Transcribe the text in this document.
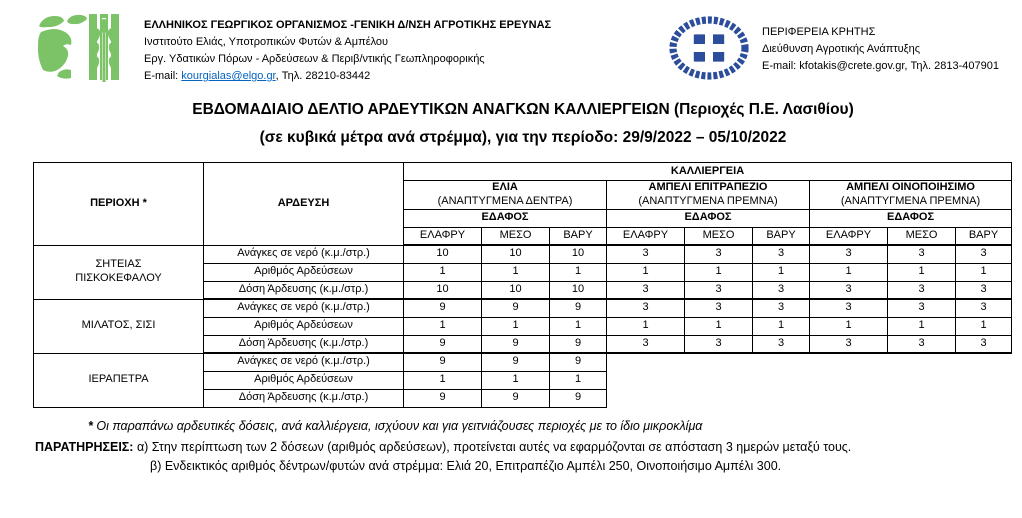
ΕΛΛΗΝΙΚΟΣ ΓΕΩΡΓΙΚΟΣ ΟΡΓΑΝΙΣΜΟΣ -ΓΕΝΙΚΗ Δ/ΝΣΗ ΑΓΡΟΤΙΚΗΣ ΕΡΕΥΝΑΣ
Ινστιτούτο Ελιάς, Υποτροπικών Φυτών & Αμπέλου
Εργ. Υδατικών Πόρων - Αρδεύσεων & Περιβ/ντικής Γεωπληροφορικής
E-mail: kourgialas@elgo.gr, Τηλ. 28210-83442
ΠΕΡΙΦΕΡΕΙΑ ΚΡΗΤΗΣ
Διεύθυνση Αγροτικής Ανάπτυξης
E-mail: kfotakis@crete.gov.gr, Τηλ. 2813-407901
ΕΒΔΟΜΑΔΙΑΙΟ ΔΕΛΤΙΟ ΑΡΔΕΥΤΙΚΩΝ ΑΝΑΓΚΩΝ ΚΑΛΛΙΕΡΓΕΙΩΝ (Περιοχές Π.Ε. Λασιθίου)
(σε κυβικά μέτρα ανά στρέμμα), για την περίοδο: 29/9/2022 – 05/10/2022
ΠΕΡΙΟΧΗ *	ΑΡΔΕΥΣΗ	ΚΑΛΛΙΕΡΓΕΙΑ								

ΕΛΙΑ
(ΑΝΑΠΤΥΓΜΕΝΑ ΔΕΝΤΡΑ)

ΑΜΠΕΛΙ ΕΠΙΤΡΑΠΕΖΙΟ
(ΑΝΑΠΤΥΓΜΕΝΑ ΠΡΕΜΝΑ)

ΑΜΠΕΛΙ ΟΙΝΟΠΟΙΗΣΙΜΟ
(ΑΝΑΠΤΥΓΜΕΝΑ ΠΡΕΜΝΑ)

		ΕΔΑΦΟΣ			ΕΔΑΦΟΣ			ΕΔΑΦΟΣ		
		ΕΛΑΦΡΥ	ΜΕΣΟ	ΒΑΡΥ	ΕΛΑΦΡΥ	ΜΕΣΟ	ΒΑΡΥ	ΕΛΑΦΡΥ	ΜΕΣΟ	ΒΑΡΥ
ΣΗΤΕΙΑΣ
ΠΙΣΚΟΚΕΦΑΛΟΥ	Ανάγκες σε νερό (κ.μ./στρ.)	10	10	10	3	3	3	3	3	3
	Αριθμός Αρδεύσεων	1	1	1	1	1	1	1	1	1
	Δόση Άρδευσης (κ.μ./στρ.)	10	10	10	3	3	3	3	3	3
ΜΙΛΑΤΟΣ, ΣΙΣΙ	Ανάγκες σε νερό (κ.μ./στρ.)	9	9	9	3	3	3	3	3	3
	Αριθμός Αρδεύσεων	1	1	1	1	1	1	1	1	1
	Δόση Άρδευσης (κ.μ./στρ.)	9	9	9	3	3	3	3	3	3
ΙΕΡΑΠΕΤΡΑ	Ανάγκες σε νερό (κ.μ./στρ.)	9	9	9						
	Αριθμός Αρδεύσεων	1	1	1						
	Δόση Άρδευσης (κ.μ./στρ.)	9	9	9						
* Οι παραπάνω αρδευτικές δόσεις, ανά καλλιέργεια, ισχύουν και για γειτνιάζουσες περιοχές με το ίδιο μικροκλίμα
ΠΑΡΑΤΗΡΗΣΕΙΣ: α) Στην περίπτωση των 2 δόσεων (αριθμός αρδεύσεων), προτείνεται αυτές να εφαρμόζονται σε απόσταση 3 ημερών μεταξύ τους.
β) Ενδεικτικός αριθμός δέντρων/φυτών ανά στρέμμα: Ελιά 20, Επιτραπέζιο Αμπέλι 250, Οινοποιήσιμο Αμπέλι 300.
